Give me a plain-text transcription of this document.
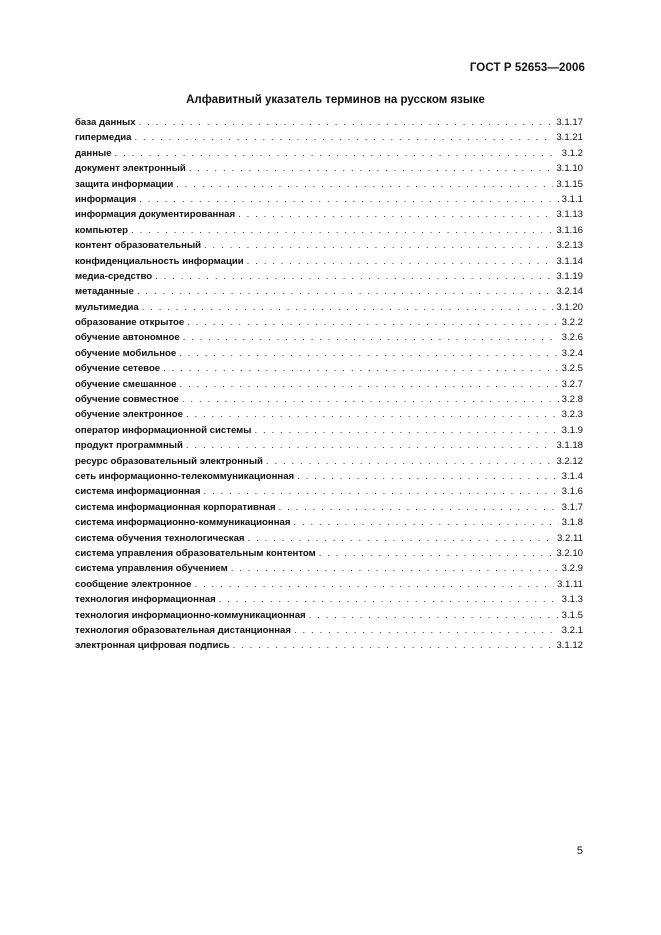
ГОСТ Р 52653—2006
Алфавитный указатель терминов на русском языке
база данных . . .	3.1.17
гипермедиа . . .	3.1.21
данные . . .	3.1.2
документ электронный . . .	3.1.10
защита информации . . .	3.1.15
информация . . .	3.1.1
информация документированная . . .	3.1.13
компьютер . . .	3.1.16
контент образовательный . . .	3.2.13
конфиденциальность информации . . .	3.1.14
медиа-средство . . .	3.1.19
метаданные . . .	3.2.14
мультимедиа . . .	3.1.20
образование открытое . . .	3.2.2
обучение автономное . . .	3.2.6
обучение мобильное . . .	3.2.4
обучение сетевое . . .	3.2.5
обучение смешанное . . .	3.2.7
обучение совместное . . .	3.2.8
обучение электронное . . .	3.2.3
оператор информационной системы . . .	3.1.9
продукт программный . . .	3.1.18
ресурс образовательный электронный . . .	3.2.12
сеть информационно-телекоммуникационная . . .	3.1.4
система информационная . . .	3.1.6
система информационная корпоративная . . .	3.1.7
система информационно-коммуникационная . . .	3.1.8
система обучения технологическая . . .	3.2.11
система управления образовательным контентом . . .	3.2.10
система управления обучением . . .	3.2.9
сообщение электронное . . .	3.1.11
технология информационная . . .	3.1.3
технология информационно-коммуникационная . . .	3.1.5
технология образовательная дистанционная . . .	3.2.1
электронная цифровая подпись . . .	3.1.12
5
